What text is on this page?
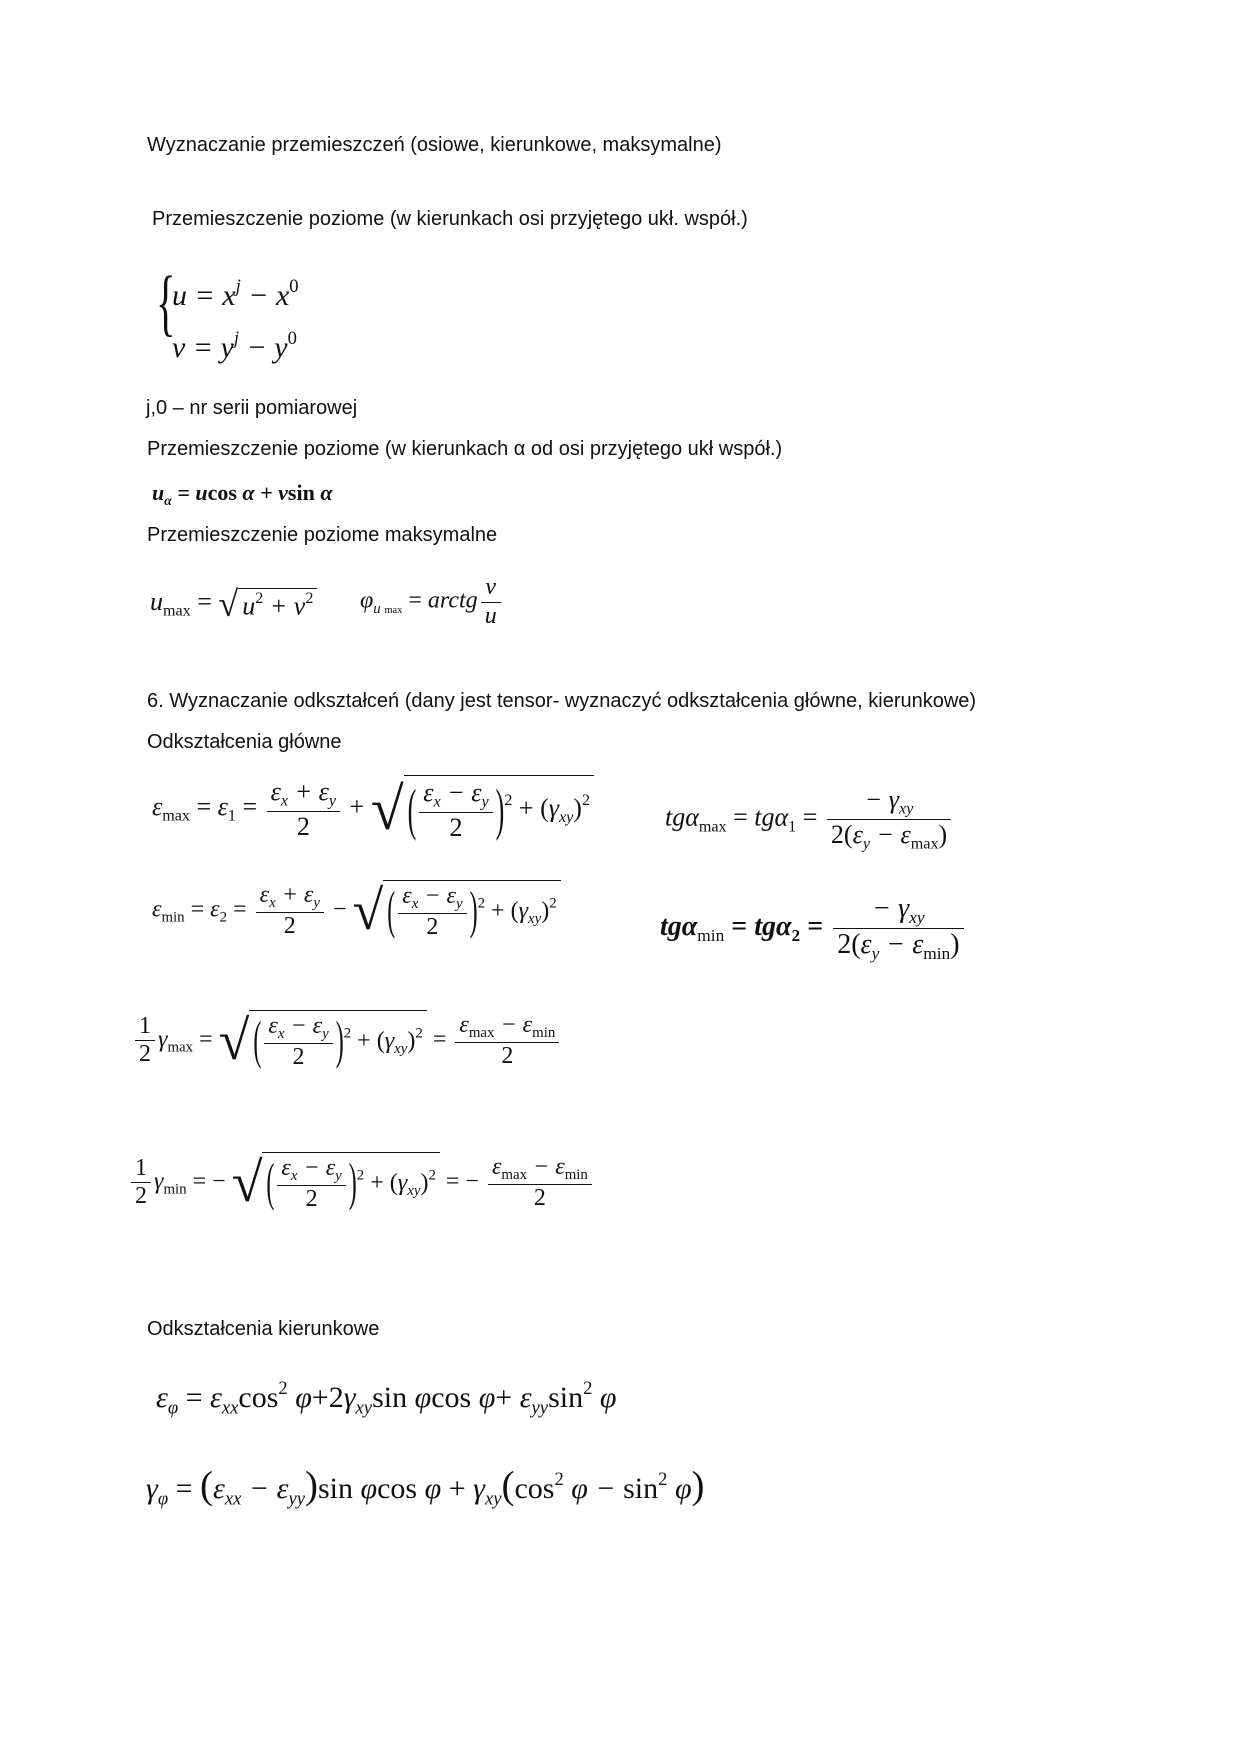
Wyznaczanie przemieszczeń (osiowe, kierunkowe, maksymalne)
Przemieszczenie poziome (w kierunkach osi przyjętego ukł. współ.)
{
$u = x^j - x^0$
$v = y^j - y^0$
j,0 – nr serii pomiarowej
Przemieszczenie poziome (w kierunkach α od osi przyjętego ukł współ.)
$u_\alpha = ucos$ α + vsin α
Przemieszczenie poziome maksymalne
$u_{max}$ = √ $u^2 + v^2$ $\varphi_{u max}$ = arctg $\frac{v}{u}$
6. Wyznaczanie odkształceń (dany jest tensor- wyznaczyć odkształcenia główne, kierunkowe)
Odkształcenia główne
$\varepsilon_{max} = \varepsilon_1 = \frac{\varepsilon_x + \varepsilon_y}{2}$ + √ ( $\frac{\varepsilon_x - \varepsilon_y}{2} )^2 + (\gamma_{xy})^2$
$tg\alpha_{max} = tg\alpha_1 = \frac{- \gamma_{xy}}{2(\varepsilon_y - \varepsilon_{max})}$
$\varepsilon_{min} = \varepsilon_2 = \frac{\varepsilon_x + \varepsilon_y}{2}$ − √ ( $\frac{\varepsilon_x - \varepsilon_y}{2} )^2 + (\gamma_{xy})^2$
$tg\alpha_{min} = tg\alpha_2 = \frac{- \gamma_{xy}}{2(\varepsilon_y - \varepsilon_{min})}$
$\frac{1}{2} \gamma_{max}$ = √ ( $\frac{\varepsilon_x - \varepsilon_y}{2} )^2 + (\gamma_{xy})^2 = \frac{\varepsilon_{max} - \varepsilon_{min}}{2}$
$\frac{1}{2} \gamma_{min}$ = − √ ( $\frac{\varepsilon_x - \varepsilon_y}{2} )^2 + (\gamma_{xy})^2$ = − $\frac{\varepsilon_{max} - \varepsilon_{min}}{2}$
Odkształcenia kierunkowe
$\varepsilon_\varphi = \varepsilon_{xx}\cos^2$ $\varphi+2\gamma_{xy}\sin$ φcos $\varphi+ \varepsilon_{yy}\sin^2$ φ
$\gamma_\varphi = (\varepsilon_{xx} - \varepsilon_{yy})\sin$ φcos $\varphi + \gamma_{xy}(\cos^2$ $\varphi - \sin^2 \varphi$)
